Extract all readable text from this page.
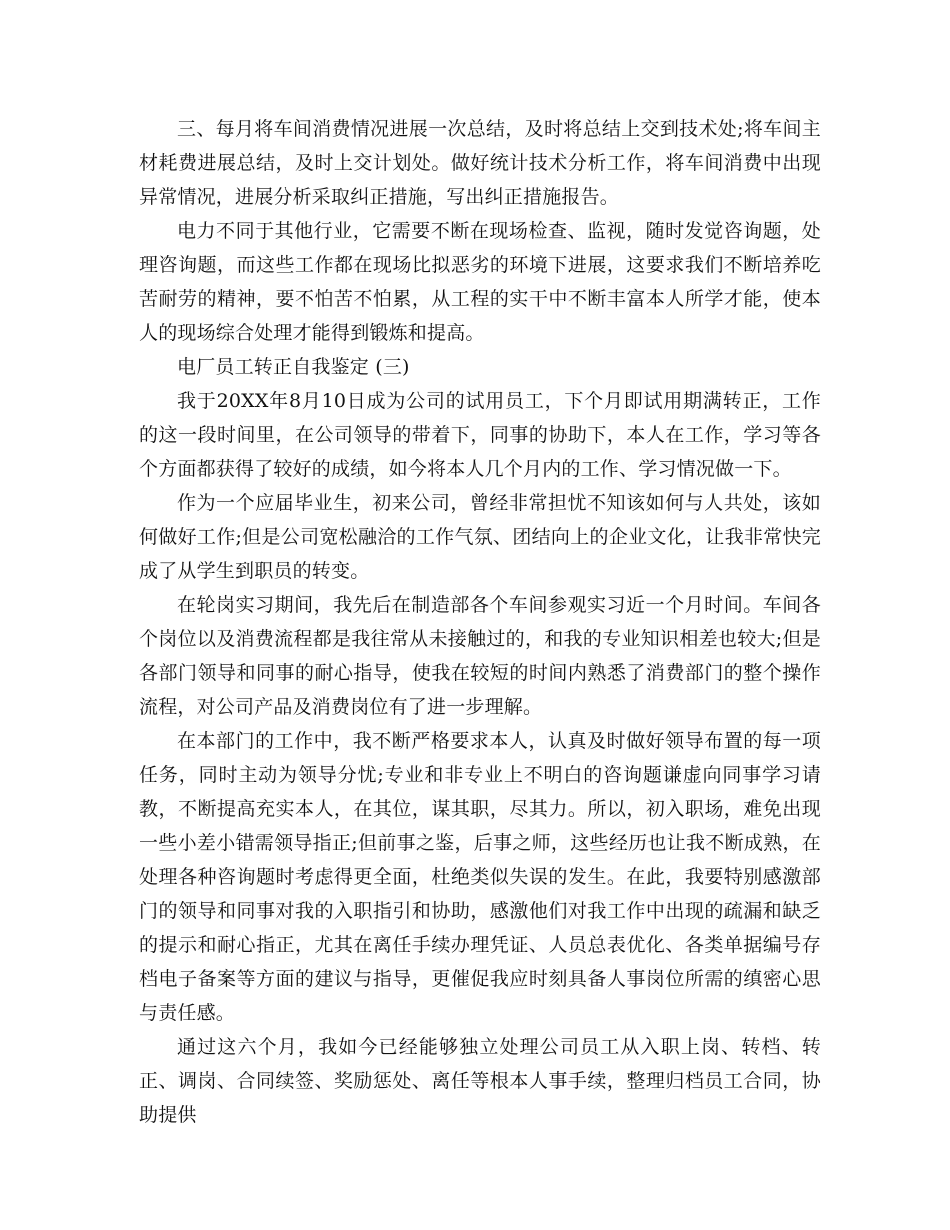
三、每月将车间消费情况进展一次总结，及时将总结上交到技术处;将车间主材耗费进展总结，及时上交计划处。做好统计技术分析工作，将车间消费中出现异常情况，进展分析采取纠正措施，写出纠正措施报告。

电力不同于其他行业，它需要不断在现场检查、监视，随时发觉咨询题，处理咨询题，而这些工作都在现场比拟恶劣的环境下进展，这要求我们不断培养吃苦耐劳的精神，要不怕苦不怕累，从工程的实干中不断丰富本人所学才能，使本人的现场综合处理才能得到锻炼和提高。

电厂员工转正自我鉴定 (三)

我于20XX年8月10日成为公司的试用员工，下个月即试用期满转正，工作的这一段时间里，在公司领导的带着下，同事的协助下，本人在工作，学习等各个方面都获得了较好的成绩，如今将本人几个月内的工作、学习情况做一下。

作为一个应届毕业生，初来公司，曾经非常担忧不知该如何与人共处，该如何做好工作;但是公司宽松融洽的工作气氛、团结向上的企业文化，让我非常快完成了从学生到职员的转变。

在轮岗实习期间，我先后在制造部各个车间参观实习近一个月时间。车间各个岗位以及消费流程都是我往常从未接触过的，和我的专业知识相差也较大;但是各部门领导和同事的耐心指导，使我在较短的时间内熟悉了消费部门的整个操作流程，对公司产品及消费岗位有了进一步理解。

在本部门的工作中，我不断严格要求本人，认真及时做好领导布置的每一项任务，同时主动为领导分忧;专业和非专业上不明白的咨询题谦虚向同事学习请教，不断提高充实本人，在其位，谋其职，尽其力。所以，初入职场，难免出现一些小差小错需领导指正;但前事之鉴，后事之师，这些经历也让我不断成熟，在处理各种咨询题时考虑得更全面，杜绝类似失误的发生。在此，我要特别感激部门的领导和同事对我的入职指引和协助，感激他们对我工作中出现的疏漏和缺乏的提示和耐心指正，尤其在离任手续办理凭证、人员总表优化、各类单据编号存档电子备案等方面的建议与指导，更催促我应时刻具备人事岗位所需的缜密心思与责任感。

通过这六个月，我如今已经能够独立处理公司员工从入职上岗、转档、转正、调岗、合同续签、奖励惩处、离任等根本人事手续，整理归档员工合同，协助提供
